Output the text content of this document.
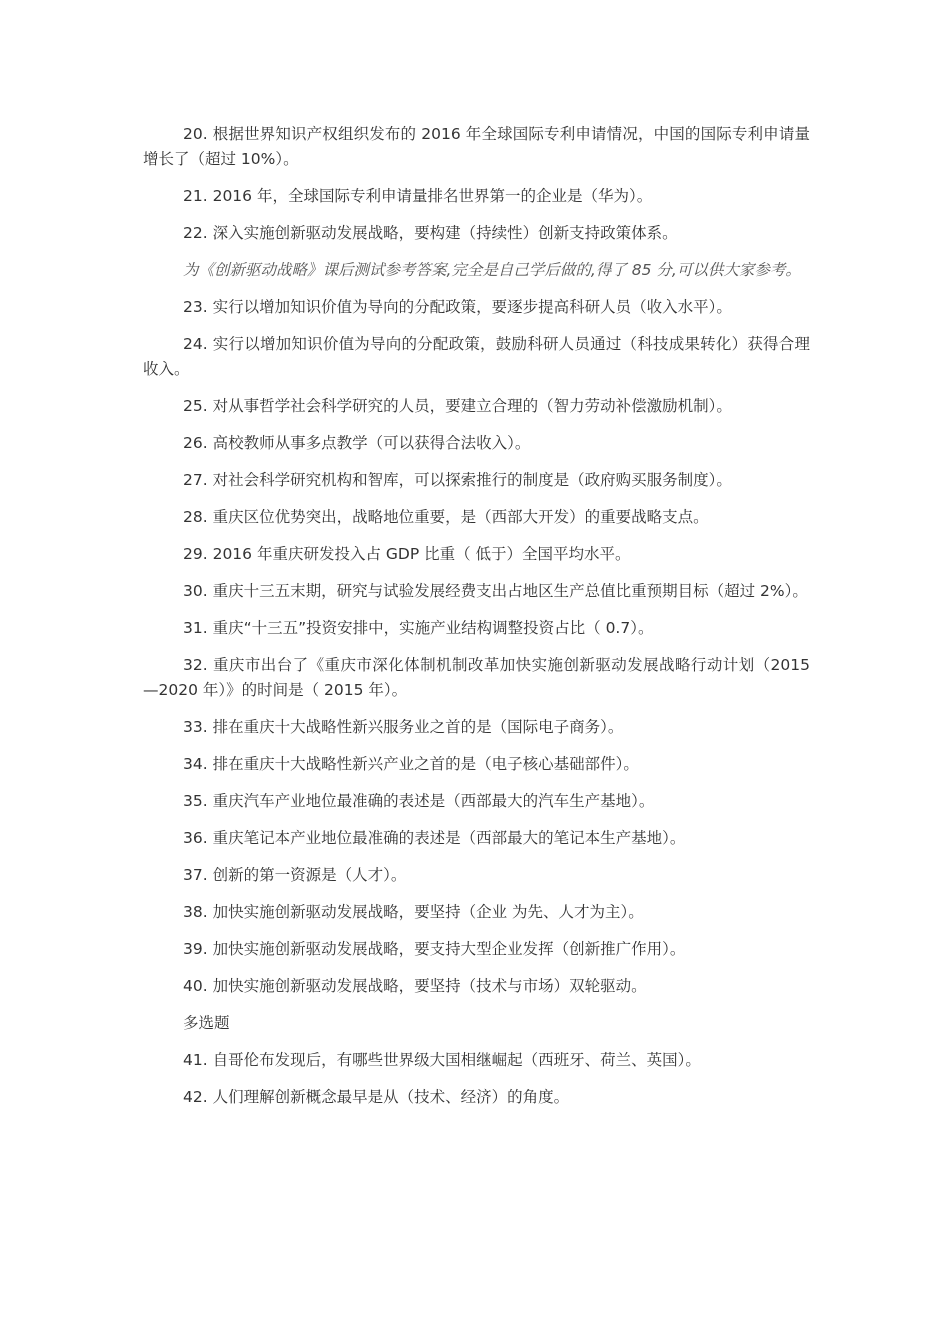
20. 根据世界知识产权组织发布的 2016 年全球国际专利申请情况，中国的国际专利申请量增长了（超过 10%）。

21. 2016 年，全球国际专利申请量排名世界第一的企业是（华为）。

22. 深入实施创新驱动发展战略，要构建（持续性）创新支持政策体系。

为《创新驱动战略》课后测试参考答案,完全是自己学后做的,得了 85 分,可以供大家参考。

23. 实行以增加知识价值为导向的分配政策，要逐步提高科研人员（收入水平）。

24. 实行以增加知识价值为导向的分配政策，鼓励科研人员通过（科技成果转化）获得合理收入。

25. 对从事哲学社会科学研究的人员，要建立合理的（智力劳动补偿激励机制）。

26. 高校教师从事多点教学（可以获得合法收入）。

27. 对社会科学研究机构和智库，可以探索推行的制度是（政府购买服务制度）。

28. 重庆区位优势突出，战略地位重要，是（西部大开发）的重要战略支点。

29. 2016 年重庆研发投入占 GDP 比重（ 低于）全国平均水平。

30. 重庆十三五末期，研究与试验发展经费支出占地区生产总值比重预期目标（超过 2%）。

31. 重庆“十三五”投资安排中，实施产业结构调整投资占比（ 0.7）。

32. 重庆市出台了《重庆市深化体制机制改革加快实施创新驱动发展战略行动计划（2015—2020 年）》的时间是（ 2015 年）。

33. 排在重庆十大战略性新兴服务业之首的是（国际电子商务）。

34. 排在重庆十大战略性新兴产业之首的是（电子核心基础部件）。

35. 重庆汽车产业地位最准确的表述是（西部最大的汽车生产基地）。

36. 重庆笔记本产业地位最准确的表述是（西部最大的笔记本生产基地）。

37. 创新的第一资源是（人才）。

38. 加快实施创新驱动发展战略，要坚持（企业 为先、人才为主）。

39. 加快实施创新驱动发展战略，要支持大型企业发挥（创新推广作用）。

40. 加快实施创新驱动发展战略，要坚持（技术与市场）双轮驱动。

多选题

41. 自哥伦布发现后，有哪些世界级大国相继崛起（西班牙、荷兰、英国）。

42. 人们理解创新概念最早是从（技术、经济）的角度。
